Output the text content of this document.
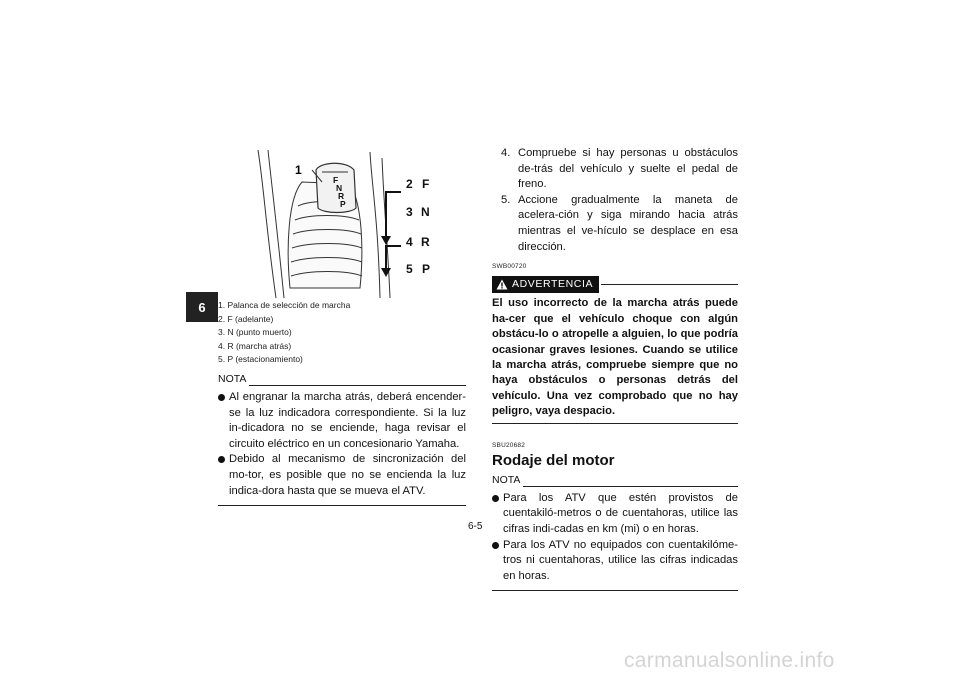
6
F
N
R
P
1
2 F
3 N
4 R
5 P
1. Palanca de selección de marcha
2. F (adelante)
3. N (punto muerto)
4. R (marcha atrás)
5. P (estacionamiento)
NOTA
Al engranar la marcha atrás, deberá encender-se la luz indicadora correspondiente. Si la luz in-dicadora no se enciende, haga revisar el circuito eléctrico en un concesionario Yamaha.
Debido al mecanismo de sincronización del mo-tor, es posible que no se encienda la luz indica-dora hasta que se mueva el ATV.
4. Compruebe si hay personas u obstáculos de-trás del vehículo y suelte el pedal de freno.
5. Accione gradualmente la maneta de acelera-ción y siga mirando hacia atrás mientras el ve-hículo se desplace en esa dirección.
SWB00720
ADVERTENCIA
El uso incorrecto de la marcha atrás puede ha-cer que el vehículo choque con algún obstácu-lo o atropelle a alguien, lo que podría ocasionar graves lesiones. Cuando se utilice la marcha atrás, compruebe siempre que no haya obstáculos o personas detrás del vehículo. Una vez comprobado que no hay peligro, vaya despacio.
SBU20682
Rodaje del motor
NOTA
Para los ATV que estén provistos de cuentakiló-metros o de cuentahoras, utilice las cifras indi-cadas en km (mi) o en horas.
Para los ATV no equipados con cuentakilóme-tros ni cuentahoras, utilice las cifras indicadas en horas.
6-5
carmanualsonline.info
